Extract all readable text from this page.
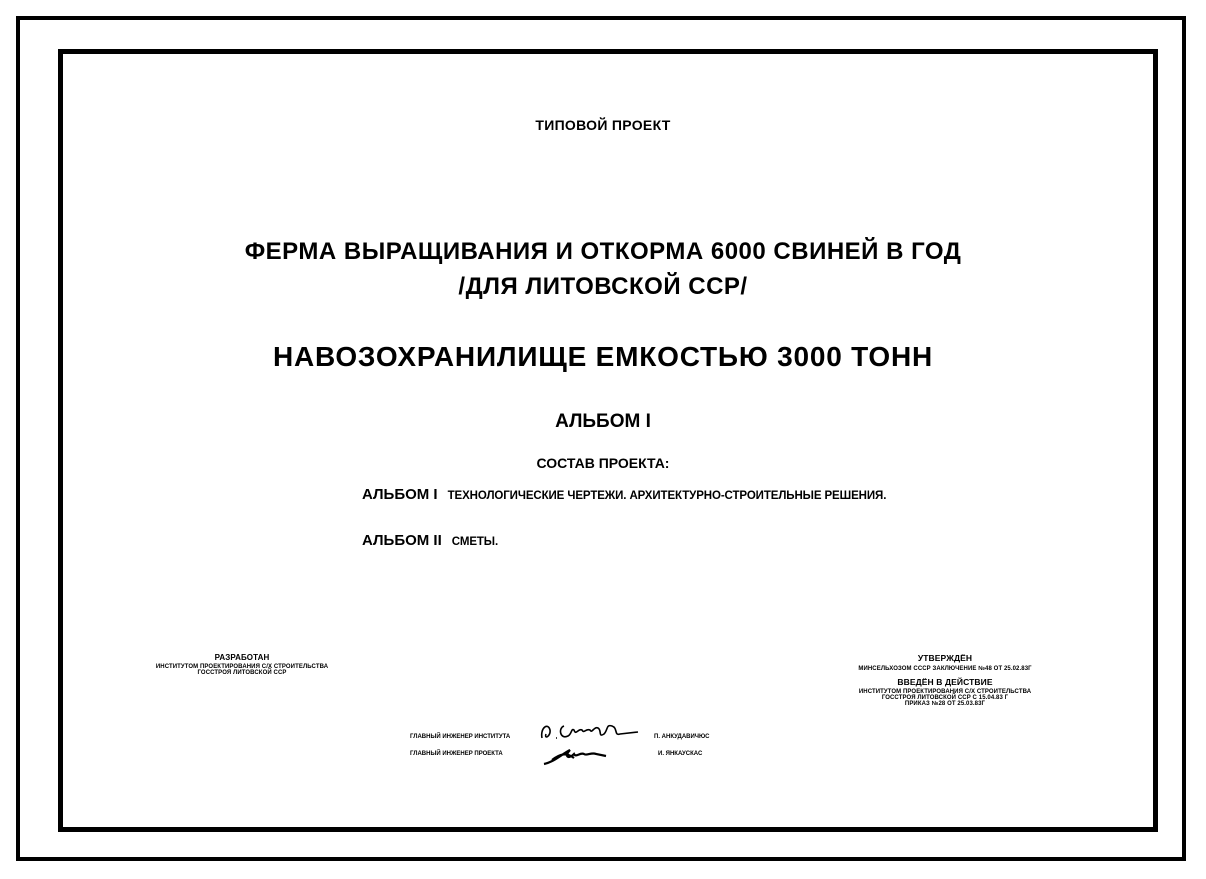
ТИПОВОЙ ПРОЕКТ
ФЕРМА ВЫРАЩИВАНИЯ И ОТКОРМА 6000 СВИНЕЙ В ГОД
/ДЛЯ ЛИТОВСКОЙ ССР/
НАВОЗОХРАНИЛИЩЕ ЕМКОСТЬЮ 3000 ТОНН
АЛЬБОМ I
СОСТАВ ПРОЕКТА:
АЛЬБОМ I ТЕХНОЛОГИЧЕСКИЕ ЧЕРТЕЖИ. АРХИТЕКТУРНО-СТРОИТЕЛЬНЫЕ РЕШЕНИЯ.
АЛЬБОМ II СМЕТЫ.
РАЗРАБОТАН
ИНСТИТУТОМ ПРОЕКТИРОВАНИЯ С/Х СТРОИТЕЛЬСТВА
ГОССТРОЯ ЛИТОВСКОЙ ССР
УТВЕРЖДЁН
МИНСЕЛЬХОЗОМ СССР ЗАКЛЮЧЕНИЕ №48 ОТ 25.02.83Г
ВВЕДЁН В ДЕЙСТВИЕ
ИНСТИТУТОМ ПРОЕКТИРОВАНИЯ С/Х СТРОИТЕЛЬСТВА
ГОССТРОЯ ЛИТОВСКОЙ ССР С 15.04.83 Г
ПРИКАЗ №28 ОТ 25.03.83Г
ГЛАВНЫЙ ИНЖЕНЕР ИНСТИТУТА	П. АНКУДАВИЧЮС
ГЛАВНЫЙ ИНЖЕНЕР ПРОЕКТА	И. ЯНКАУСКАС
